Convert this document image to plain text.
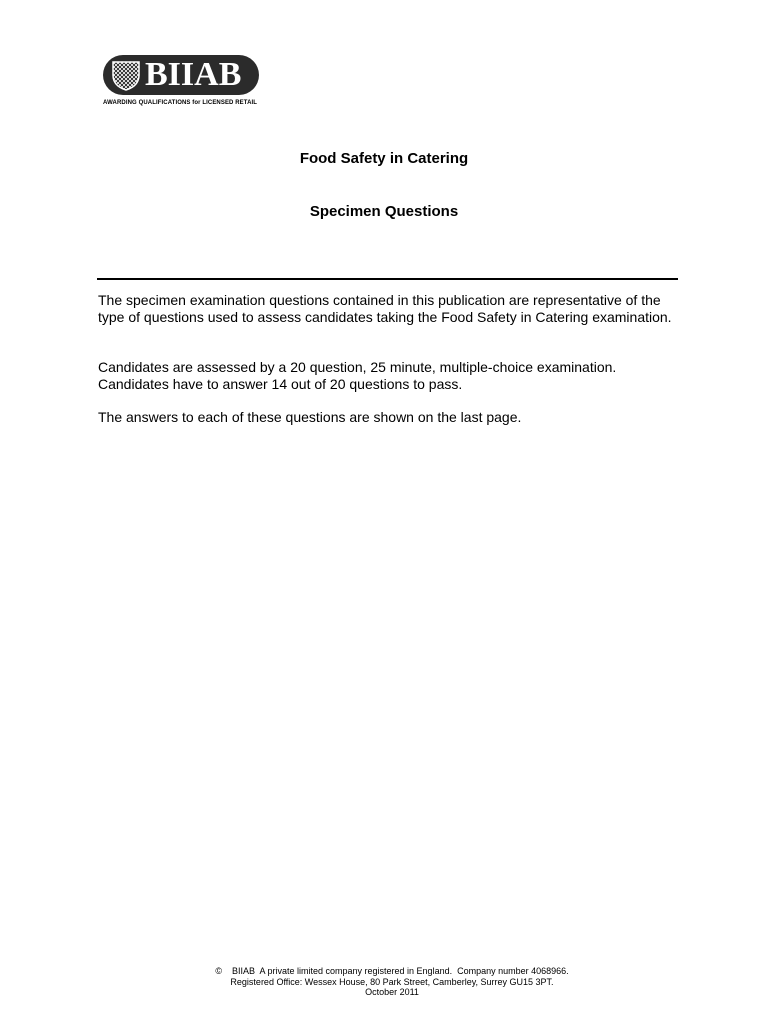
BIIAB
AWARDING QUALIFICATIONS for LICENSED RETAIL
Food Safety in Catering
Specimen Questions

The specimen examination questions contained in this publication are representative of the type of questions used to assess candidates taking the Food Safety in Catering examination.

Candidates are assessed by a 20 question, 25 minute, multiple-choice examination. Candidates have to answer 14 out of 20 questions to pass.

The answers to each of these questions are shown on the last page.

©    BIIAB  A private limited company registered in England.  Company number 4068966.
Registered Office: Wessex House, 80 Park Street, Camberley, Surrey GU15 3PT.
October 2011
